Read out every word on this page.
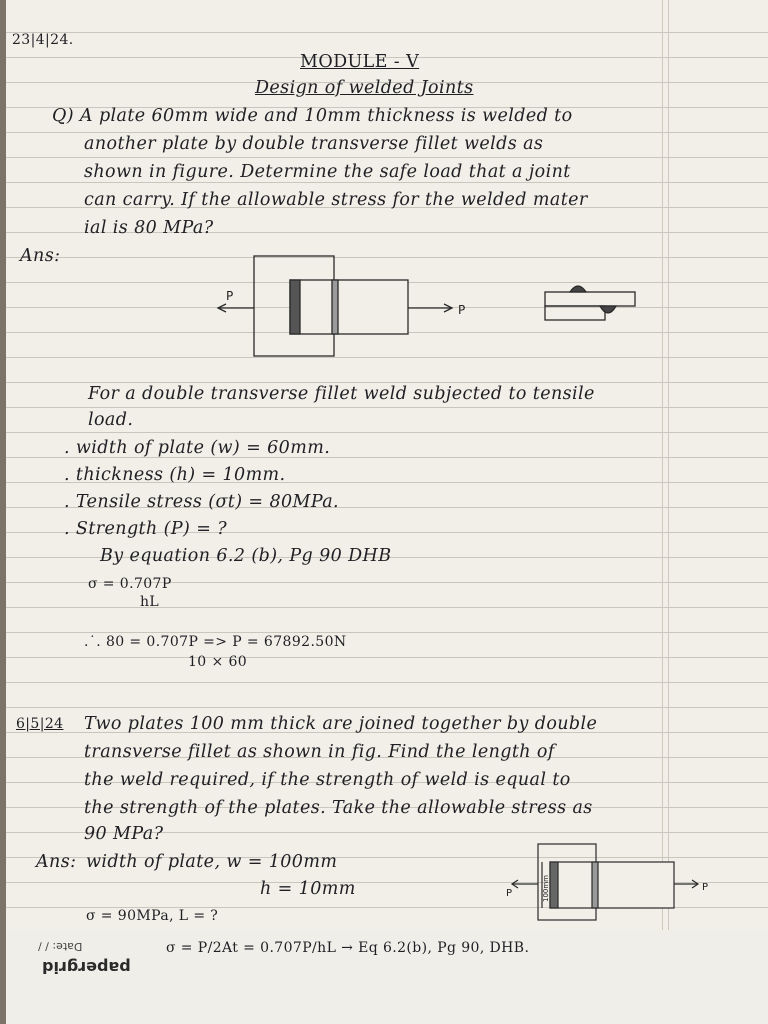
23|4|24.
MODULE - V
Design of welded Joints
Q) A plate 60mm wide and 10mm thickness is welded to
another plate by double transverse fillet welds as
shown in figure. Determine the safe load that a joint
can carry. If the allowable stress for the welded mater
ial is 80 MPa?
Ans:
P
P
For a double transverse fillet weld subjected to tensile
load.
. width of plate (w) = 60mm.
. thickness (h) = 10mm.
. Tensile stress (σt) = 80MPa.
. Strength (P) = ?
By equation 6.2 (b), Pg 90 DHB
σ = 0.707P
hL
.˙. 80 = 0.707P => P = 67892.50N
10 × 60
6|5|24 Two plates 100 mm thick are joined together by double
transverse fillet as shown in fig. Find the length of
the weld required, if the strength of weld is equal to
the strength of the plates. Take the allowable stress as
90 MPa?
Ans: width of plate, w = 100mm
h = 10mm
σ = 90MPa, L = ?
P
P
100mm
σ = P/2At = 0.707P/hL → Eq 6.2(b), Pg 90, DHB.
Date: / /
papergrid
